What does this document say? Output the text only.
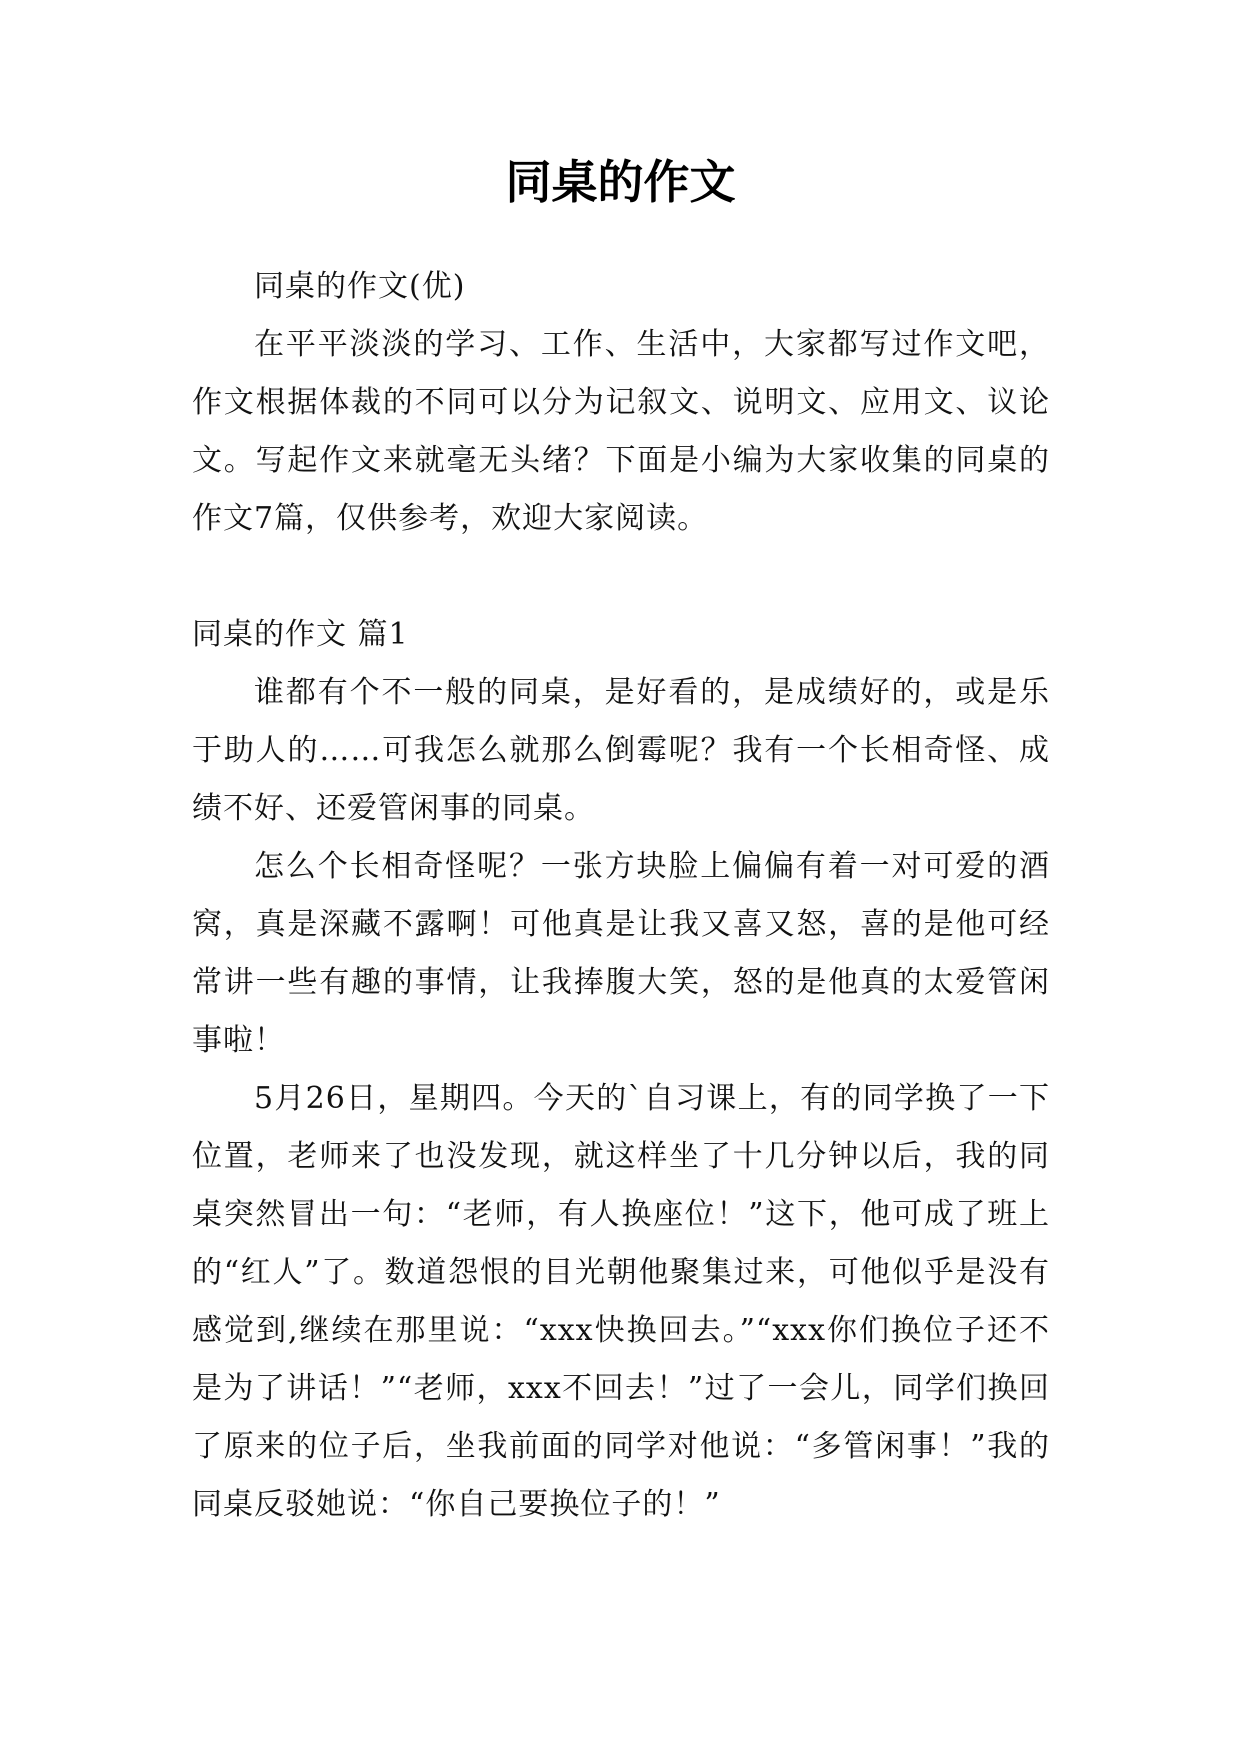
同桌的作文

同桌的作文(优)

在平平淡淡的学习、工作、生活中，大家都写过作文吧，作文根据体裁的不同可以分为记叙文、说明文、应用文、议论文。写起作文来就毫无头绪？下面是小编为大家收集的同桌的作文7篇，仅供参考，欢迎大家阅读。

同桌的作文 篇1

谁都有个不一般的同桌，是好看的，是成绩好的，或是乐于助人的……可我怎么就那么倒霉呢？我有一个长相奇怪、成绩不好、还爱管闲事的同桌。

怎么个长相奇怪呢？一张方块脸上偏偏有着一对可爱的酒窝，真是深藏不露啊！可他真是让我又喜又怒，喜的是他可经常讲一些有趣的事情，让我捧腹大笑，怒的是他真的太爱管闲事啦！

5月26日，星期四。今天的`自习课上，有的同学换了一下位置，老师来了也没发现，就这样坐了十几分钟以后，我的同桌突然冒出一句：“老师，有人换座位！”这下，他可成了班上的“红人”了。数道怨恨的目光朝他聚集过来，可他似乎是没有感觉到,继续在那里说：“xxx快换回去。”“xxx你们换位子还不是为了讲话！”“老师，xxx不回去！”过了一会儿，同学们换回了原来的位子后，坐我前面的同学对他说：“多管闲事！”我的同桌反驳她说：“你自己要换位子的！”
